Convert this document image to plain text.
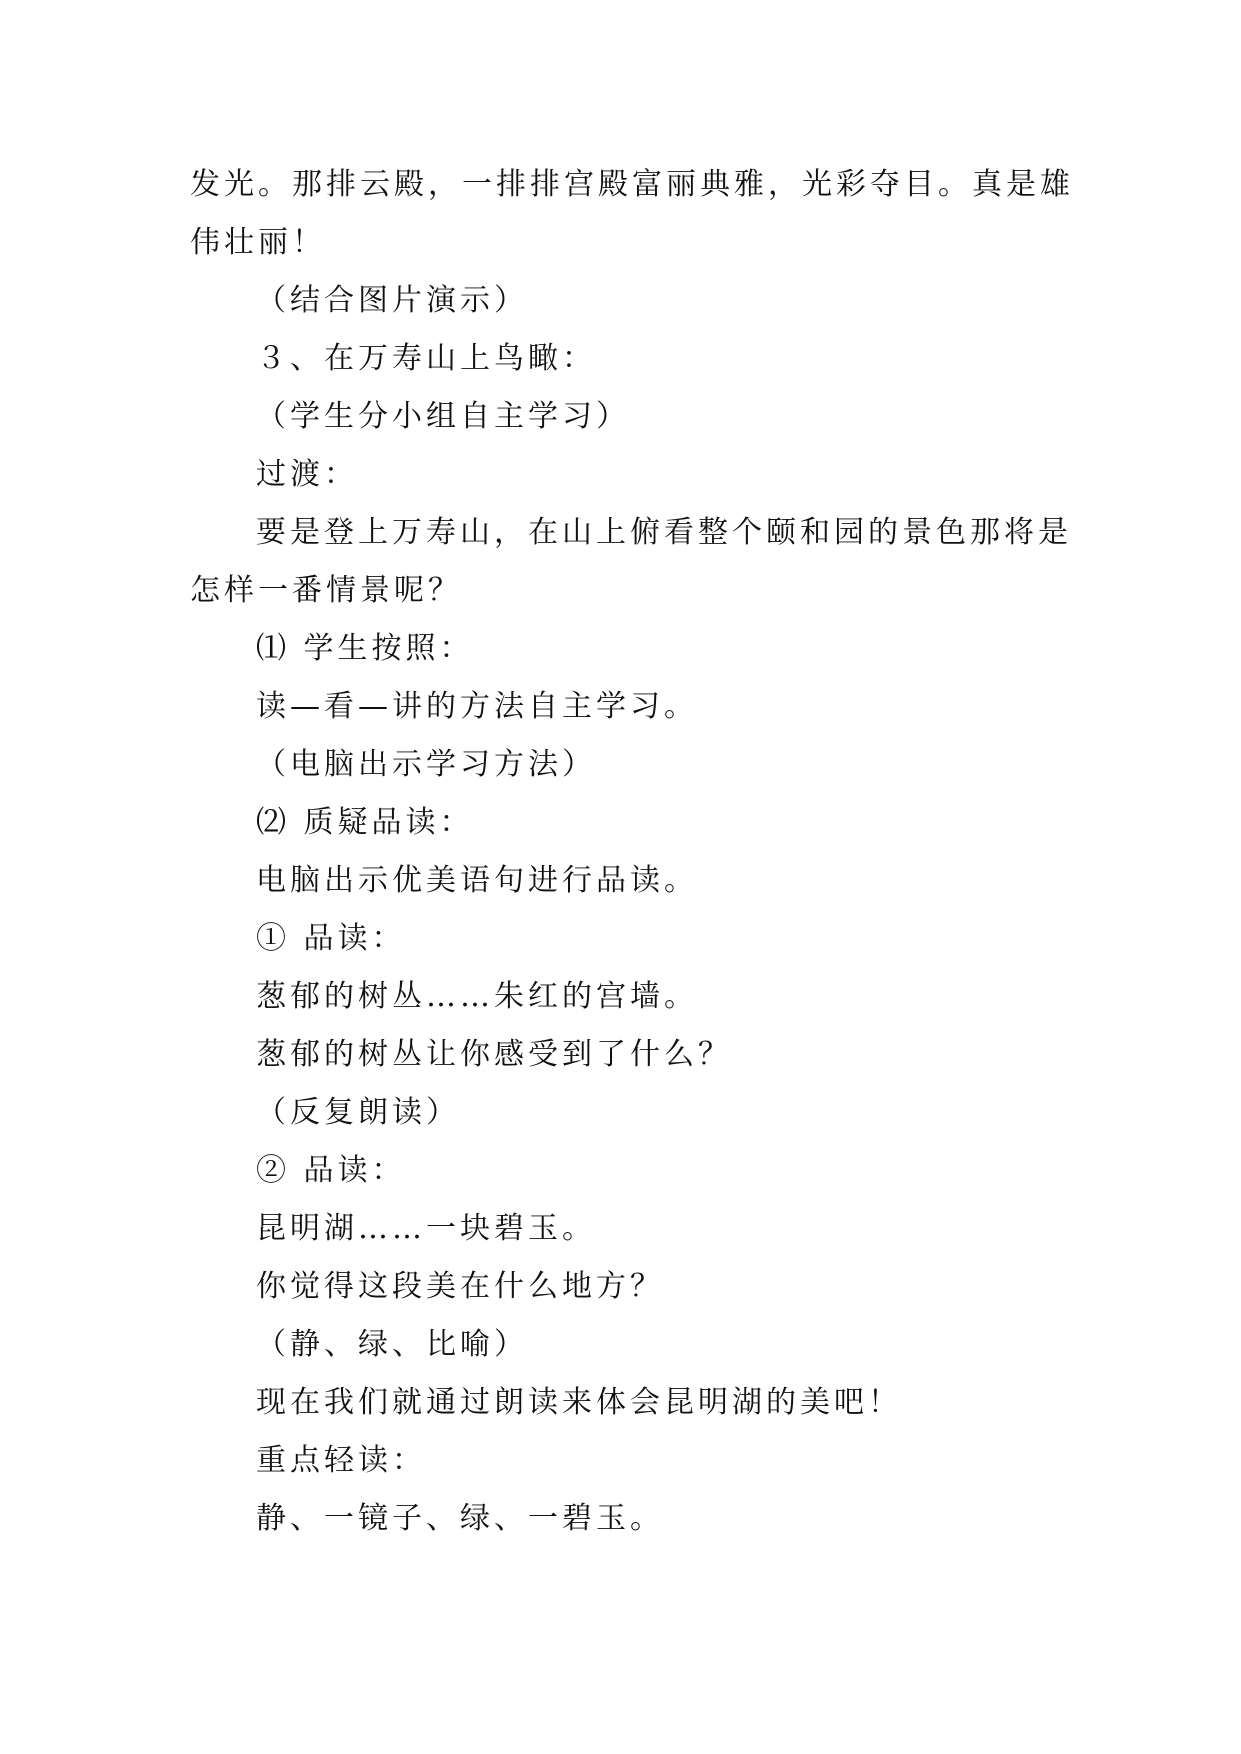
发光。那排云殿，一排排宫殿富丽典雅，光彩夺目。真是雄
伟壮丽！
（结合图片演示）
３、在万寿山上鸟瞰：
（学生分小组自主学习）
过渡：
要是登上万寿山，在山上俯看整个颐和园的景色那将是
怎样一番情景呢？
⑴ 学生按照：
读—看—讲的方法自主学习。
（电脑出示学习方法）
⑵ 质疑品读：
电脑出示优美语句进行品读。
① 品读：
葱郁的树丛……朱红的宫墙。
葱郁的树丛让你感受到了什么？
（反复朗读）
② 品读：
昆明湖……一块碧玉。
你觉得这段美在什么地方？
（静、绿、比喻）
现在我们就通过朗读来体会昆明湖的美吧！
重点轻读：
静、一镜子、绿、一碧玉。
